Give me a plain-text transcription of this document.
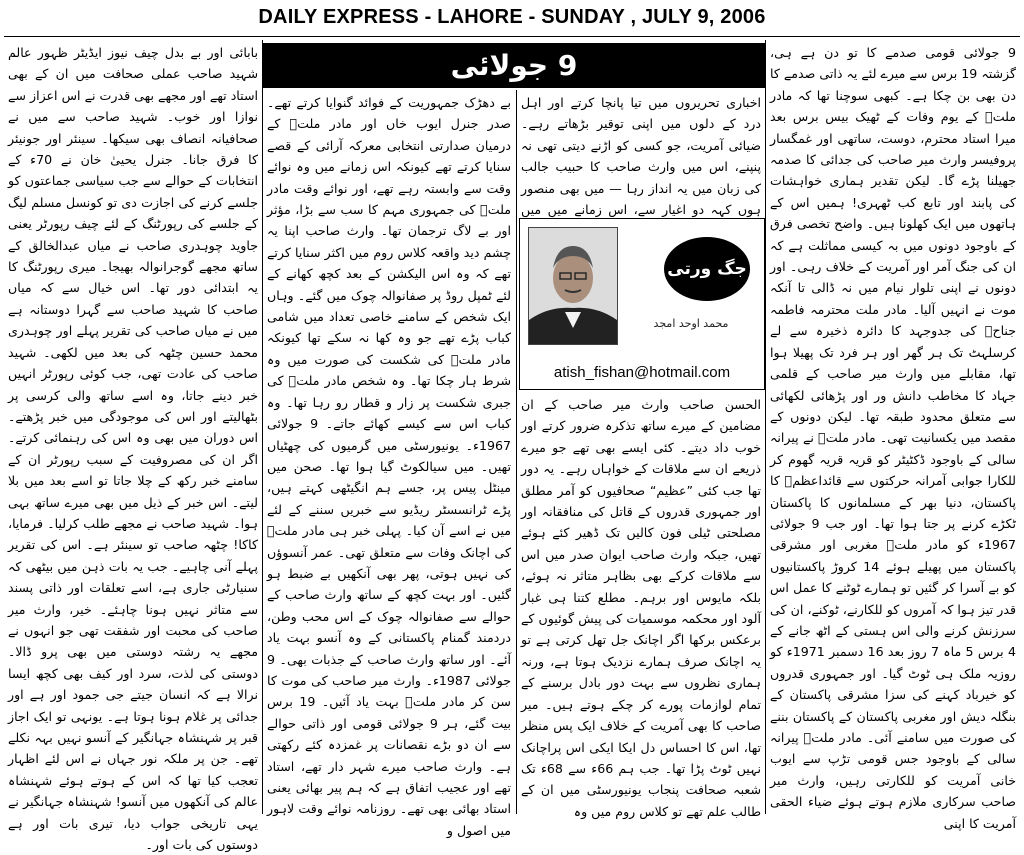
DAILY EXPRESS - LAHORE - SUNDAY , JULY 9, 2006

9 جولائی قومی صدمے کا تو دن ہے ہی، گزشتہ 19 برس سے میرے لئے یہ ذاتی صدمے کا دن بھی بن چکا ہے۔ کبھی سوچنا تھا کہ مادر ملتؒ کے یوم وفات کے ٹھیک بیس برس بعد میرا استاد محترم، دوست، ساتھی اور غمگسار پروفیسر وارث میر صاحب کی جدائی کا صدمہ جھیلنا پڑے گا۔ لیکن تقدیر ہماری خواہشات کی پابند اور تابع کب ٹھہری! ہمیں اس کے ہاتھوں میں ایک کھلونا ہیں۔ واضح تخصی فرق کے باوجود دونوں میں بہ کیسی مماثلت ہے کہ ان کی جنگ آمر اور آمریت کے خلاف رہی۔ اور دونوں نے اپنی تلوار نیام میں نہ ڈالی تا آنکہ موت نے انہیں آلیا۔ مادر ملت محترمہ فاطمہ جناحؒ کی جدوجہد کا دائرہ ذخیرہ سے لے کرسلہٹ تک ہر گھر اور ہر فرد تک پھیلا ہوا تھا، مقابلے میں وارث میر صاحب کے قلمی جہاد کا مخاطب دانش ور اور پڑھائی لکھائی سے متعلق محدود طبقہ تھا۔ لیکن دونوں کے مقصد میں یکسانیت تھی۔ مادر ملتؒ نے پیرانہ سالی کے باوجود ڈکٹیٹر کو قریہ قریہ گھوم کر للکارا جوابی آمرانہ حرکتوں سے قائداعظمؒ کا پاکستان، دنیا بھر کے مسلمانوں کا پاکستان ٹکڑے کرنے پر جتا ہوا تھا۔ اور جب 9 جولائی 1967ء کو مادر ملتؒ مغربی اور مشرقی پاکستان میں پھیلے ہوئے 14 کروڑ پاکستانیوں کو بے آسرا کر گئیں تو ہمارے ٹوٹنے کا عمل اس قدر تیز ہوا کہ آمروں کو للکارنے، ٹوکنے، ان کی سرزنش کرنے والی اس ہستی کے اٹھ جانے کے 4 برس 5 ماہ 7 روز بعد 16 دسمبر 1971ء کو روزیہ ملک ہی ٹوٹ گیا۔ اور جمہوری قدروں کو خیرباد کہنے کی سزا مشرقی پاکستان کے بنگلہ دیش اور مغربی پاکستان کے پاکستان بننے کی صورت میں سامنے آئی۔ مادر ملتؒ پیرانہ سالی کے باوجود جس قومی تڑپ سے ایوب خانی آمریت کو للکارتی رہیں، وارث میر صاحب سرکاری ملازم ہوتے ہوئے ضیاء الحقی آمریت کا اپنی

9 جولائی

اخباری تحریروں میں تیا پانچا کرتے اور اہل درد کے دلوں میں اپنی توقیر بڑھاتے رہے۔ ضیائی آمریت، جو کسی کو اڑنے دیتی تھی نہ پنپنے، اس میں وارث صاحب کا حبیب جالب کی زبان میں یہ انداز رہا — میں بھی منصور ہوں کہہ دو اغیار سے، اس زمانے میں میں

جگ ورتی
محمد اوحد امجد
atish_fishan@hotmail.com

الحسن صاحب وارث میر صاحب کے ان مضامین کے میرے ساتھ تذکرہ ضرور کرتے اور خوب داد دیتے۔ کئی ایسے بھی تھے جو میرے ذریعے ان سے ملاقات کے خواہاں رہے۔ یہ دور تھا جب کئی ”عظیم“ صحافیوں کو آمر مطلق اور جمہوری قدروں کے قاتل کی منافقانہ اور مصلحتی ٹیلی فون کالیں تک ڈھیر کئے ہوئے تھیں، جبکہ وارث صاحب ایوان صدر میں اس سے ملاقات کرکے بھی بظاہر متاثر نہ ہوئے، بلکہ مایوس اور برہم۔ مطلع کتنا ہی غبار آلود اور محکمہ موسمیات کی پیش گوئیوں کے برعکس برکھا اگر اچانک جل تھل کرتی ہے تو یہ اچانک صرف ہمارے نزدیک ہوتا ہے، ورنہ ہماری نظروں سے بہت دور بادل برسنے کے تمام لوازمات پورے کر چکے ہوتے ہیں۔ میر صاحب کا بھی آمریت کے خلاف ایک پس منظر تھا، اس کا احساس دل ایکا ایکی اس پراچانک نہیں ٹوٹ پڑا تھا۔ جب ہم 66ء سے 68ء تک شعبہ صحافت پنجاب یونیورسٹی میں ان کے طالب علم تھے تو کلاس روم میں وہ

بے دھڑک جمہوریت کے فوائد گنوایا کرتے تھے۔ صدر جنرل ایوب خاں اور مادر ملتؒ کے درمیان صدارتی انتخابی معرکہ آرائی کے قصے سنایا کرتے تھے کیونکہ اس زمانے میں وہ نوائے وقت سے وابستہ رہے تھے، اور نوائے وقت مادر ملتؒ کی جمہوری مہم کا سب سے بڑا، مؤثر اور بے لاگ ترجمان تھا۔ وارث صاحب اپنا یہ چشم دید واقعہ کلاس روم میں اکثر سنایا کرتے تھے کہ وہ اس الیکشن کے بعد کچھ کھانے کے لئے ٹمپل روڈ پر صفانوالہ چوک میں گئے۔ وہاں ایک شخص کے سامنے خاصی تعداد میں شامی کباب پڑے تھے جو وہ کھا نہ سکے تھا کیونکہ مادر ملتؒ کی شکست کی صورت میں وہ شرط ہار چکا تھا۔ وہ شخص مادر ملتؒ کی جبری شکست پر زار و قطار رو رہا تھا۔ وہ کباب اس سے کیسے کھائے جاتے۔ 9 جولائی 1967ء۔ یونیورسٹی میں گرمیوں کی چھٹیاں تھیں۔ میں سیالکوٹ گیا ہوا تھا۔ صحن میں مینٹل پیس پر، جسے ہم انگیٹھی کہتے ہیں، پڑے ٹرانسسٹر ریڈیو سے خبریں سننے کے لئے میں نے اسے آن کیا۔ پہلی خبر ہی مادر ملتؒ کی اچانک وفات سے متعلق تھی۔ عمر آنسوؤں کی نہیں ہوتی، پھر بھی آنکھیں بے ضبط ہو گئیں۔ اور بہت کچھ کے ساتھ وارث صاحب کے حوالے سے صفانوالہ چوک کے اس محب وطن، دردمند گمنام پاکستانی کے وہ آنسو بہت یاد آئے۔ اور ساتھ وارث صاحب کے جذبات بھی۔ 9 جولائی 1987ء۔ وارث میر صاحب کی موت کا سن کر مادر ملتؒ بہت یاد آئیں۔ 19 برس بیت گئے، ہر 9 جولائی قومی اور ذاتی حوالے سے ان دو بڑے نقصانات پر غمزدہ کئے رکھتی ہے۔ وارث صاحب میرے شہر دار تھے، استاد تھے اور عجیب اتفاق ہے کہ ہم پیر بھائی یعنی استاد بھائی بھی تھے۔ روزنامہ نوائے وقت لاہور میں اصول و

بابائی اور بے بدل چیف نیوز ایڈیٹر ظہور عالم شہید صاحب عملی صحافت میں ان کے بھی استاد تھے اور مجھے بھی قدرت نے اس اعزاز سے نوازا اور خوب۔ شہید صاحب سے میں نے صحافیانہ انصاف بھی سیکھا۔ سینئر اور جونیئر کا فرق جانا۔ جنرل یحییٰ خان نے 70ء کے انتخابات کے حوالے سے جب سیاسی جماعتوں کو جلسے کرنے کی اجازت دی تو کونسل مسلم لیگ کے جلسے کی رپورٹنگ کے لئے چیف رپورٹر یعنی جاوید چوہدری صاحب نے میاں عبدالخالق کے ساتھ مجھے گوجرانوالہ بھیجا۔ میری رپورٹنگ کا یہ ابتدائی دور تھا۔ اس خیال سے کہ میاں صاحب کا شہید صاحب سے گہرا دوستانہ ہے میں نے میاں صاحب کی تقریر پہلے اور چوہدری محمد حسین چٹھہ کی بعد میں لکھی۔ شہید صاحب کی عادت تھی، جب کوئی رپورٹر انہیں خبر دینے جاتا، وہ اسے ساتھ والی کرسی پر بٹھالیتے اور اس کی موجودگی میں خبر پڑھتے۔ اس دوران میں بھی وہ اس کی رہنمائی کرتے۔ اگر ان کی مصروفیت کے سبب رپورٹر ان کے سامنے خبر رکھ کے چلا جاتا تو اسے بعد میں بلا لیتے۔ اس خبر کے ذیل میں بھی میرے ساتھ بہی ہوا۔ شہید صاحب نے مجھے طلب کرلیا۔ فرمایا، کاکا! چٹھہ صاحب تو سینئر ہے۔ اس کی تقریر پہلے آنی چاہیے۔ جب یہ بات ذہن میں بیٹھی کہ سنیارٹی جاری ہے، اسے تعلقات اور ذاتی پسند سے متاثر نہیں ہونا چاہئے۔ خیر، وارث میر صاحب کی محبت اور شفقت تھی جو انہوں نے مجھے یہ رشتہ دوستی میں بھی پرو ڈالا۔ دوستی کی لذت، سرد اور کیف بھی کچھ ایسا نرالا ہے کہ انسان جیتے جی جمود اور ہے اور جدائی پر غلام ہونا ہوتا ہے۔ یونہی تو ایک اجاز قبر پر شہنشاہ جہانگیر کے آنسو نہیں بہہ نکلے تھے۔ جن پر ملکہ نور جہاں نے اس لئے اظہار تعجب کیا تھا کہ اس کے ہوتے ہوئے شہنشاہ عالم کی آنکھوں میں آنسو! شہنشاہ جہانگیر نے یہی تاریخی جواب دیا، تیری بات اور ہے دوستوں کی بات اور۔
